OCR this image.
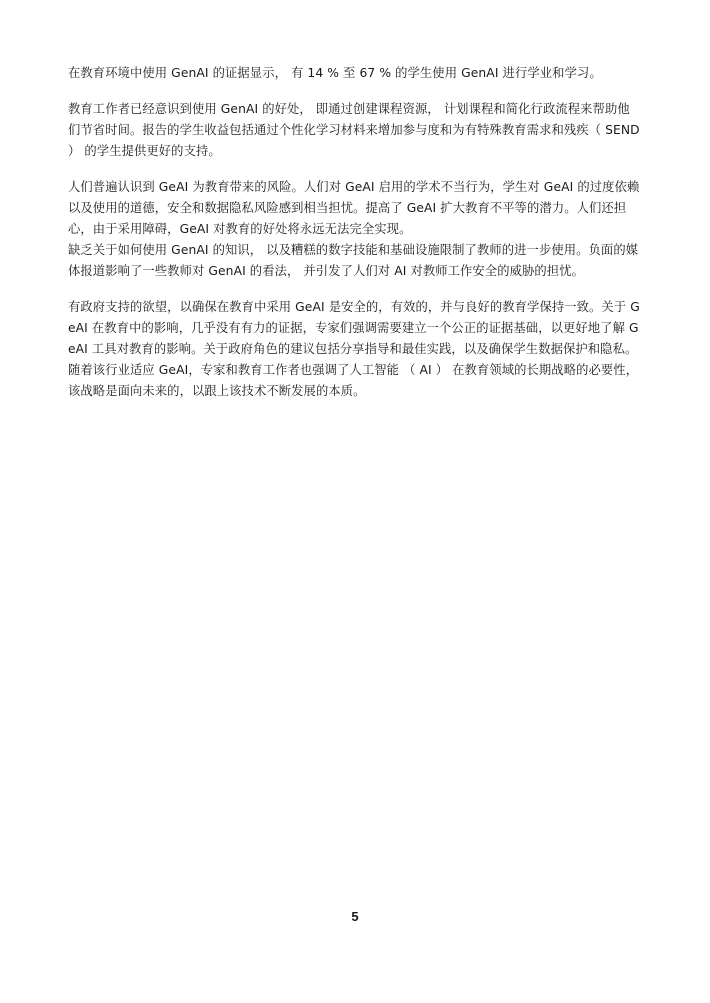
在教育环境中使用 GenAI 的证据显示， 有 14 % 至 67 % 的学生使用 GenAI 进行学业和学习。

教育工作者已经意识到使用 GenAI 的好处， 即通过创建课程资源， 计划课程和简化行政流程来帮助他们节省时间。报告的学生收益包括通过个性化学习材料来增加参与度和为有特殊教育需求和残疾（ SEND ） 的学生提供更好的支持。

人们普遍认识到 GeAI 为教育带来的风险。人们对 GeAI 启用的学术不当行为，学生对 GeAI 的过度依赖以及使用的道德，安全和数据隐私风险感到相当担忧。提高了 GeAI 扩大教育不平等的潜力。人们还担心，由于采用障碍，GeAI 对教育的好处将永远无法完全实现。

缺乏关于如何使用 GenAI 的知识， 以及糟糕的数字技能和基础设施限制了教师的进一步使用。负面的媒体报道影响了一些教师对 GenAI 的看法， 并引发了人们对 AI 对教师工作安全的威胁的担忧。

有政府支持的欲望，以确保在教育中采用 GeAI 是安全的，有效的，并与良好的教育学保持一致。关于 GeAI 在教育中的影响，几乎没有有力的证据，专家们强调需要建立一个公正的证据基础，以更好地了解 GeAI 工具对教育的影响。关于政府角色的建议包括分享指导和最佳实践，以及确保学生数据保护和隐私。随着该行业适应 GeAI，专家和教育工作者也强调了人工智能 （ AI ） 在教育领域的长期战略的必要性，该战略是面向未来的，以跟上该技术不断发展的本质。

5
